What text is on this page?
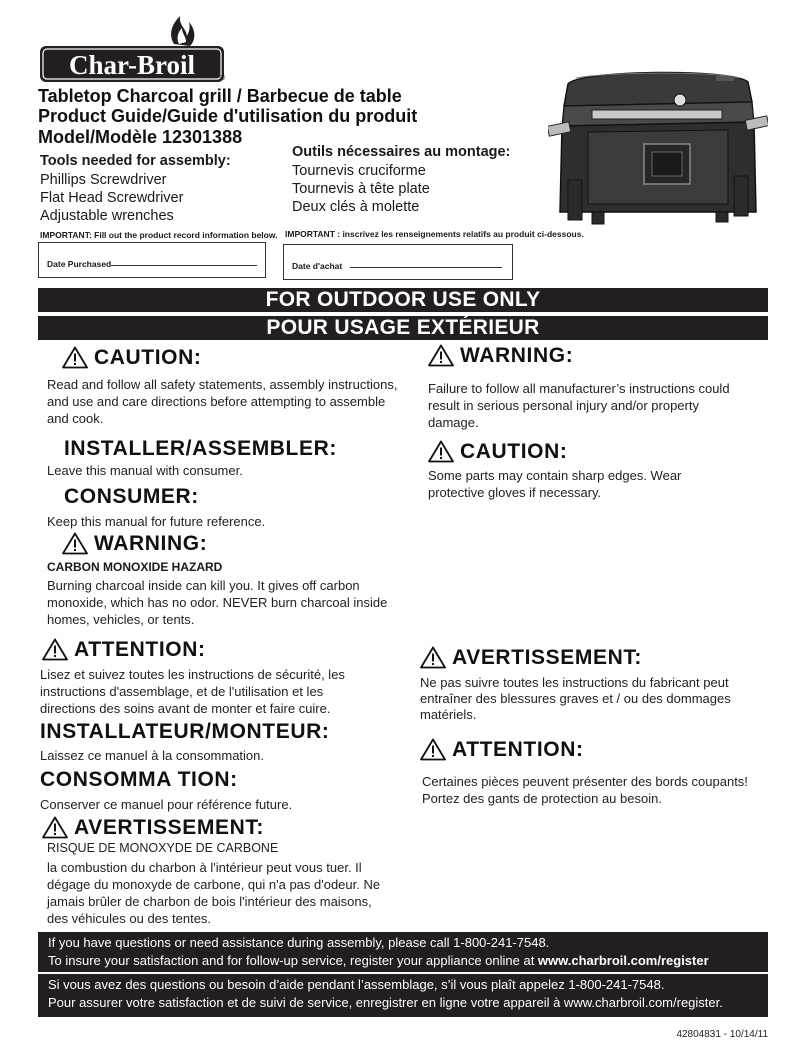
Char-Broil	®
Tabletop Charcoal grill / Barbecue de table
Product Guide/Guide d'utilisation du produit
Model/Modèle 12301388
Tools needed for assembly:
Phillips Screwdriver
Flat Head Screwdriver
Adjustable wrenches
Outils nécessaires au montage:
Tournevis cruciforme
Tournevis à tête plate
Deux clés à molette
IMPORTANT: Fill out the product record information below.
Date Purchased
IMPORTANT : inscrivez les renseignements relatifs au produit ci-dessous.
Date d'achat
FOR OUTDOOR USE ONLY
POUR USAGE EXTÉRIEUR
CAUTION:
Read and follow all safety statements, assembly instructions, and use and care directions before attempting to assemble and cook.
INSTALLER/ASSEMBLER:
Leave this manual with consumer.
CONSUMER:
Keep this manual for future reference.
WARNING:
CARBON MONOXIDE HAZARD
Burning charcoal inside can kill you. It gives off carbon monoxide, which has no odor. NEVER burn charcoal inside homes, vehicles, or tents.
WARNING:
Failure to follow all manufacturer’s instructions could result in serious personal injury and/or property damage.
CAUTION:
Some parts may contain sharp edges. Wear protective gloves if necessary.
ATTENTION:
Lisez et suivez toutes les instructions de sécurité, les instructions d'assemblage, et de l'utilisation et les directions des soins avant de monter et faire cuire.
INSTALLATEUR/MONTEUR:
Laissez ce manuel à la consommation.
CONSOMMA TION:
Conserver ce manuel pour référence future.
AVERTISSEMENT:
RISQUE DE MONOXYDE DE CARBONE
la combustion du charbon à l'intérieur peut vous tuer. Il dégage du monoxyde de carbone, qui n'a pas d'odeur. Ne jamais brûler de charbon de bois l'intérieur des maisons, des véhicules ou des tentes.
AVERTISSEMENT:
Ne pas suivre toutes les instructions du fabricant peut entraîner des blessures graves et / ou des dommages matériels.
ATTENTION:
Certaines pièces peuvent présenter des bords coupants! Portez des gants de protection au besoin.
If you have questions or need assistance during assembly, please call 1-800-241-7548.
To insure your satisfaction and for follow-up service, register your appliance online at www.charbroil.com/register
Si vous avez des questions ou besoin d’aide pendant l’assemblage, s’il vous plaît appelez 1-800-241-7548.
Pour assurer votre satisfaction et de suivi de service, enregistrer en ligne votre appareil à www.charbroil.com/register.
42804831 - 10/14/11
